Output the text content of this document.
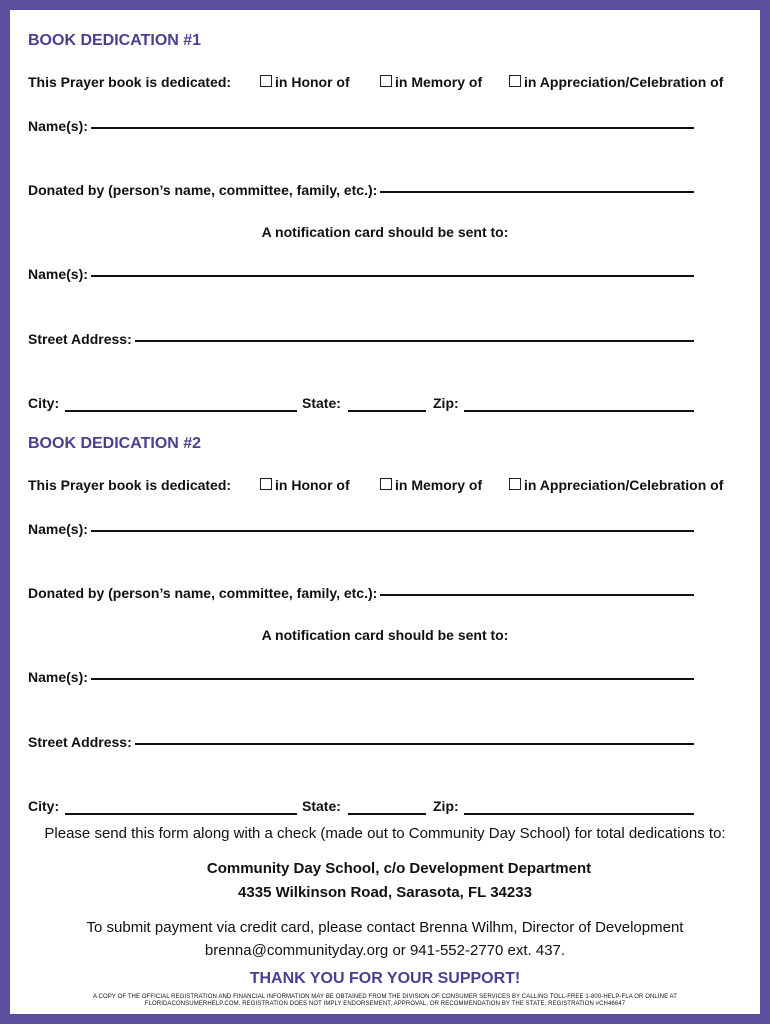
BOOK DEDICATION #1
This Prayer book is dedicated:	in Honor of	in Memory of	in Appreciation/Celebration of
Name(s):
Donated by (person’s name, committee, family, etc.):
A notification card should be sent to:
Name(s):
Street Address:
City:	State:	Zip:
BOOK DEDICATION #2
This Prayer book is dedicated:	in Honor of	in Memory of	in Appreciation/Celebration of
Name(s):
Donated by (person’s name, committee, family, etc.):
A notification card should be sent to:
Name(s):
Street Address:
City:	State:	Zip:
Please send this form along with a check (made out to Community Day School) for total dedications to:
Community Day School, c/o Development Department
4335 Wilkinson Road, Sarasota, FL 34233
To submit payment via credit card, please contact Brenna Wilhm, Director of Development
brenna@communityday.org or 941-552-2770 ext. 437.
THANK YOU FOR YOUR SUPPORT!
A COPY OF THE OFFICIAL REGISTRATION AND FINANCIAL INFORMATION MAY BE OBTAINED FROM THE DIVISION OF CONSUMER SERVICES BY CALLING TOLL-FREE 1-800-HELP-FLA OR ONLINE AT
FLORIDACONSUMERHELP.COM. REGISTRATION DOES NOT IMPLY ENDORSEMENT, APPROVAL, OR RECOMMENDATION BY THE STATE. REGISTRATION #CH46647
